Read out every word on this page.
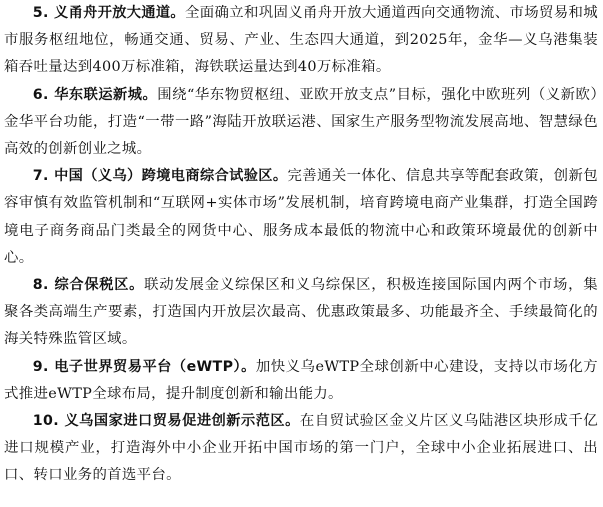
5. 义甬舟开放大通道。全面确立和巩固义甬舟开放大通道西向交通物流、市场贸易和城市服务枢纽地位，畅通交通、贸易、产业、生态四大通道，到2025年，金华—义乌港集装箱吞吐量达到400万标准箱，海铁联运量达到40万标准箱。

6. 华东联运新城。围绕“华东物贸枢纽、亚欧开放支点”目标，强化中欧班列（义新欧）金华平台功能，打造“一带一路”海陆开放联运港、国家生产服务型物流发展高地、智慧绿色高效的创新创业之城。

7. 中国（义乌）跨境电商综合试验区。完善通关一体化、信息共享等配套政策，创新包容审慎有效监管机制和“互联网+实体市场”发展机制，培育跨境电商产业集群，打造全国跨境电子商务商品门类最全的网货中心、服务成本最低的物流中心和政策环境最优的创新中心。

8. 综合保税区。联动发展金义综保区和义乌综保区，积极连接国际国内两个市场，集聚各类高端生产要素，打造国内开放层次最高、优惠政策最多、功能最齐全、手续最简化的海关特殊监管区域。

9. 电子世界贸易平台（eWTP）。加快义乌eWTP全球创新中心建设，支持以市场化方式推进eWTP全球布局，提升制度创新和输出能力。

10. 义乌国家进口贸易促进创新示范区。在自贸试验区金义片区义乌陆港区块形成千亿进口规模产业，打造海外中小企业开拓中国市场的第一门户，全球中小企业拓展进口、出口、转口业务的首选平台。
